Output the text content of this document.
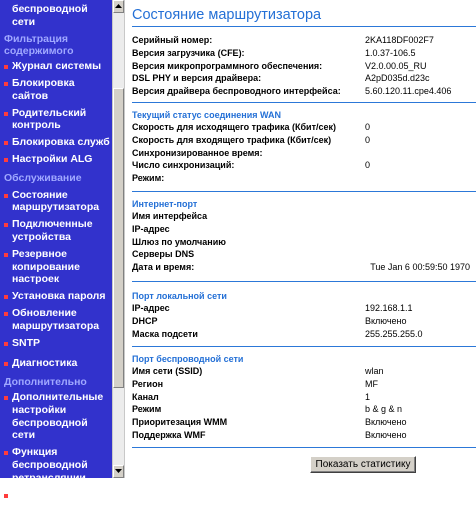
беспроводной
сети
Фильтрация
содержимого
Журнал системы
Блокировка
сайтов
Родительский
контроль
Блокировка служб
Настройки ALG
Обслуживание
Состояние
маршрутизатора
Подключенные
устройства
Резервное
копирование
настроек
Установка пароля
Обновление
маршрутизатора
SNTP
Диагностика
Дополнительно
Дополнительные
настройки
беспроводной
сети
Функция
беспроводной
ретрансляции
Переадресация
портов /
Состояние маршрутизатора
Серийный номер:	2KA118DF002F7
Версия загрузчика (CFE):	1.0.37-106.5
Версия микропрограммного обеспечения:	V2.0.00.05_RU
DSL PHY и версия драйвера:	A2pD035d.d23c
Версия драйвера беспроводного интерфейса:	5.60.120.11.cpe4.406
Текущий статус соединения WAN
Скорость для исходящего трафика (Кбит/сек)	0
Скорость для входящего трафика (Кбит/сек)	0
Синхронизированное время:
Число синхронизаций:	0
Режим:
Интернет-порт
Имя интерфейса
IP-адрес
Шлюз по умолчанию
Серверы DNS
Дата и время:	Tue Jan 6 00:59:50 1970
Порт локальной сети
IP-адрес	192.168.1.1
DHCP	Включено
Маска подсети	255.255.255.0
Порт беспроводной сети
Имя сети (SSID)	wlan
Регион	MF
Канал	1
Режим	b & g & n
Приоритезация WMM	Включено
Поддержка WMF	Включено
Показать статистику
